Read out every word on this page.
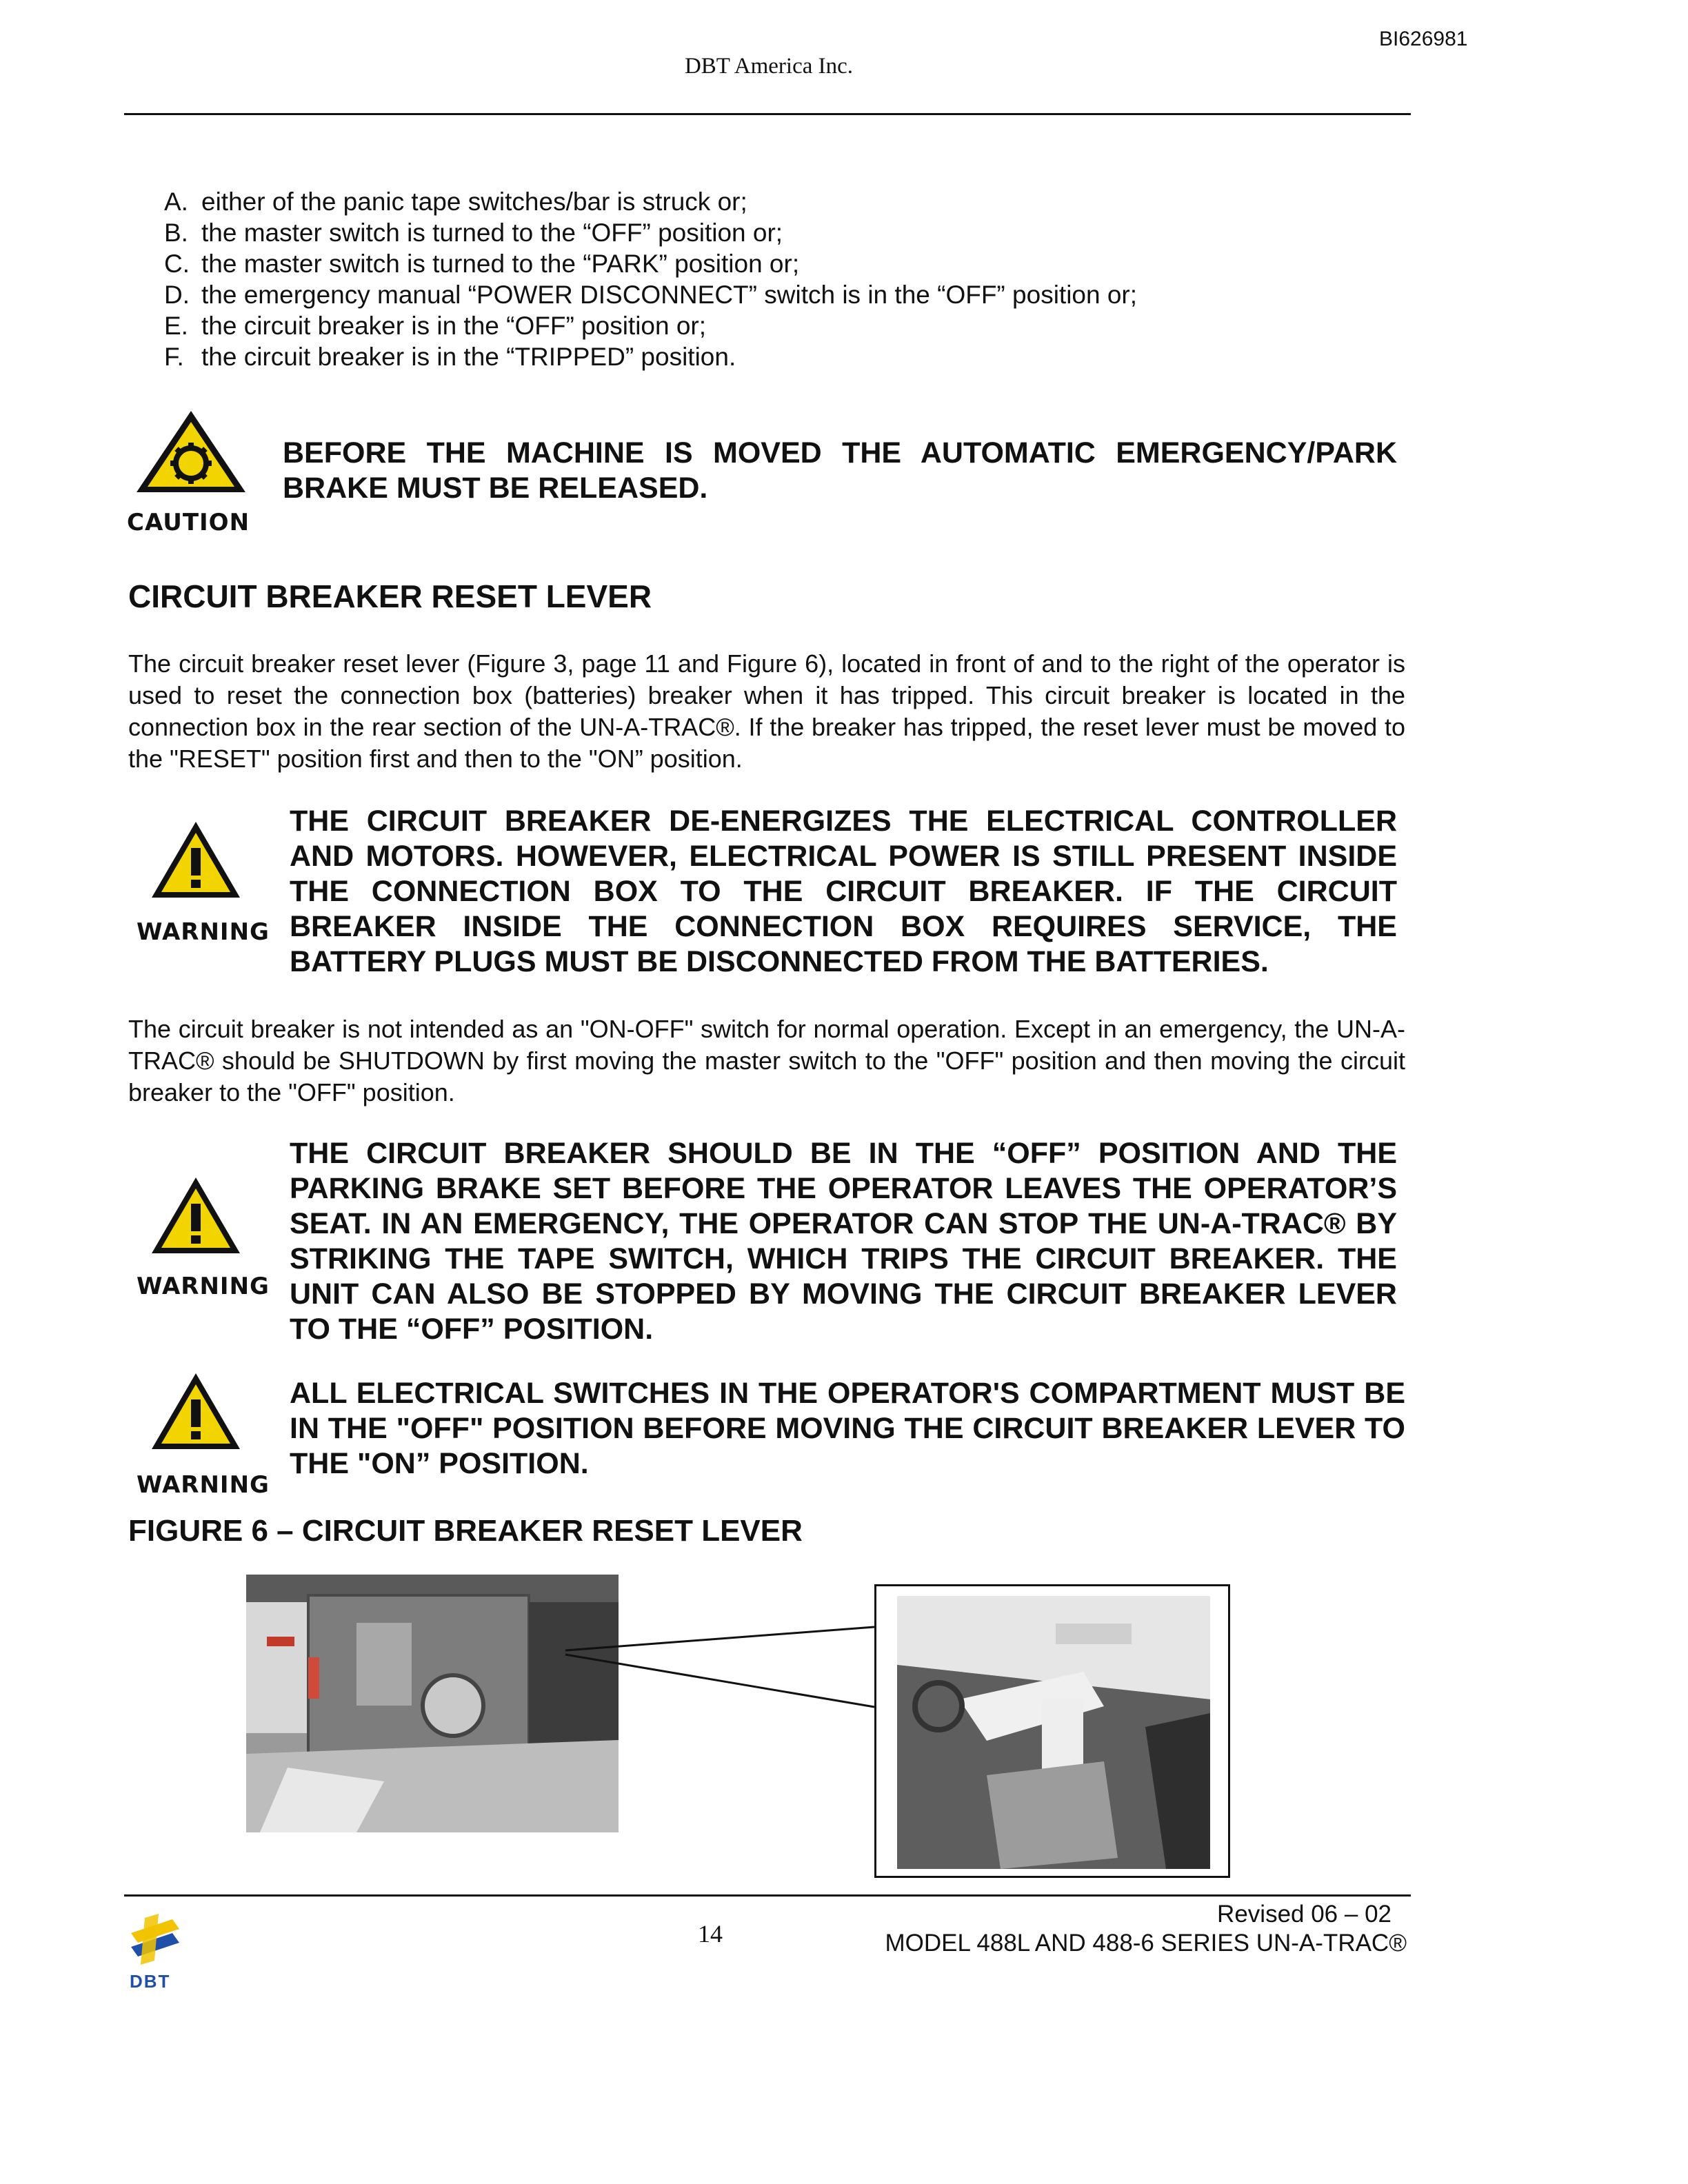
BI626981
DBT America Inc.
A. either of the panic tape switches/bar is struck or;
B. the master switch is turned to the “OFF” position or;
C. the master switch is turned to the “PARK” position or;
D. the emergency manual “POWER DISCONNECT” switch is in the “OFF” position or;
E. the circuit breaker is in the “OFF” position or;
F. the circuit breaker is in the “TRIPPED” position.
CAUTION

BEFORE THE MACHINE IS MOVED THE AUTOMATIC EMERGENCY/PARK BRAKE MUST BE RELEASED.

CIRCUIT BREAKER RESET LEVER

The circuit breaker reset lever (Figure 3, page 11 and Figure 6), located in front of and to the right of the operator is used to reset the connection box (batteries) breaker when it has tripped. This circuit breaker is located in the connection box in the rear section of the UN-A-TRAC®. If the breaker has tripped, the reset lever must be moved to the "RESET" position first and then to the "ON” position.

WARNING

THE CIRCUIT BREAKER DE-ENERGIZES THE ELECTRICAL CONTROLLER AND MOTORS. HOWEVER, ELECTRICAL POWER IS STILL PRESENT INSIDE THE CONNECTION BOX TO THE CIRCUIT BREAKER. IF THE CIRCUIT BREAKER INSIDE THE CONNECTION BOX REQUIRES SERVICE, THE BATTERY PLUGS MUST BE DISCONNECTED FROM THE BATTERIES.

The circuit breaker is not intended as an "ON-OFF" switch for normal operation. Except in an emergency, the UN-A-TRAC® should be SHUTDOWN by first moving the master switch to the "OFF" position and then moving the circuit breaker to the "OFF" position.

WARNING

THE CIRCUIT BREAKER SHOULD BE IN THE “OFF” POSITION AND THE PARKING BRAKE SET BEFORE THE OPERATOR LEAVES THE OPERATOR’S SEAT. IN AN EMERGENCY, THE OPERATOR CAN STOP THE UN-A-TRAC® BY STRIKING THE TAPE SWITCH, WHICH TRIPS THE CIRCUIT BREAKER. THE UNIT CAN ALSO BE STOPPED BY MOVING THE CIRCUIT BREAKER LEVER TO THE “OFF” POSITION.

WARNING

ALL ELECTRICAL SWITCHES IN THE OPERATOR'S COMPARTMENT MUST BE IN THE "OFF" POSITION BEFORE MOVING THE CIRCUIT BREAKER LEVER TO THE "ON” POSITION.

FIGURE 6 – CIRCUIT BREAKER RESET LEVER
Revised 06 – 02
MODEL 488L AND 488-6 SERIES UN-A-TRAC®
14
DBT
